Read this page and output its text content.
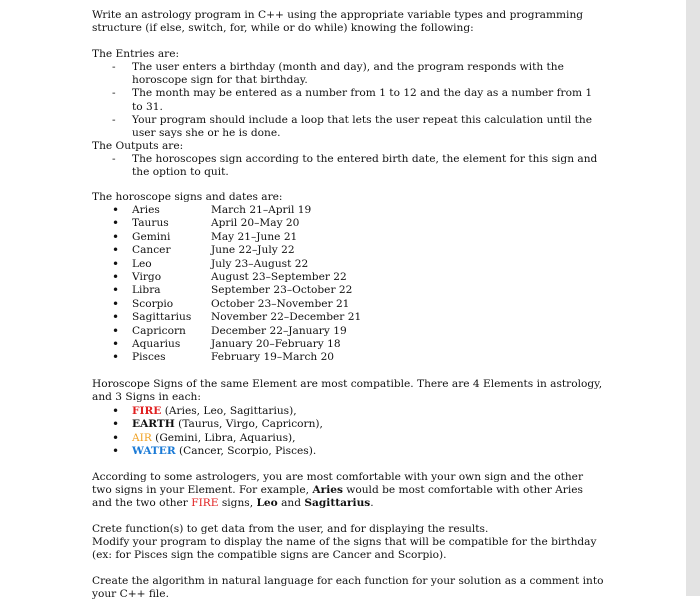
Write an astrology program in C++ using the appropriate variable types and programming structure (if else, switch, for, while or do while) knowing the following:

The Entries are:

- The user enters a birthday (month and day), and the program responds with the horoscope sign for that birthday.
- The month may be entered as a number from 1 to 12 and the day as a number from 1 to 31.
- Your program should include a loop that lets the user repeat this calculation until the user says she or he is done.

The Outputs are:

- The horoscopes sign according to the entered birth date, the element for this sign and the option to quit.

The horoscope signs and dates are:

• Aries	March 21–April 19
• Taurus	April 20–May 20
• Gemini	May 21–June 21
• Cancer	June 22–July 22
• Leo	July 23–August 22
• Virgo	August 23–September 22
• Libra	September 23–October 22
• Scorpio	October 23–November 21
• Sagittarius November 22–December 21
• Capricorn December 22–January 19
• Aquarius	January 20–February 18
• Pisces	February 19–March 20

Horoscope Signs of the same Element are most compatible. There are 4 Elements in astrology, and 3 Signs in each:

• FIRE (Aries, Leo, Sagittarius),
• EARTH (Taurus, Virgo, Capricorn),
• AIR (Gemini, Libra, Aquarius),
• WATER (Cancer, Scorpio, Pisces).

According to some astrologers, you are most comfortable with your own sign and the other two signs in your Element. For example, Aries would be most comfortable with other Aries and the two other FIRE signs, Leo and Sagittarius.

Crete function(s) to get data from the user, and for displaying the results.

Modify your program to display the name of the signs that will be compatible for the birthday (ex: for Pisces sign the compatible signs are Cancer and Scorpio).

Create the algorithm in natural language for each function for your solution as a comment into your C++ file.
